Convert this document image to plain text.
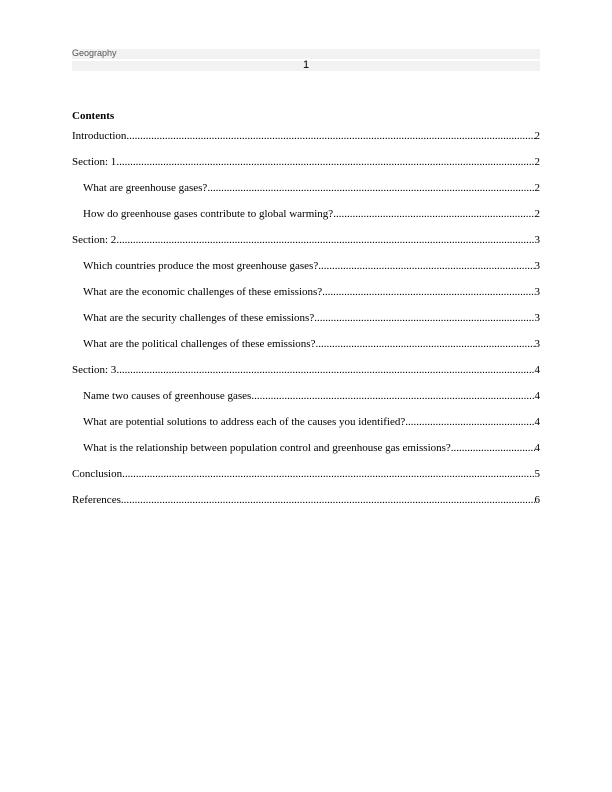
Geography
1
Contents
Introduction .....	2
Section: 1 .....	2
What are greenhouse gases? .....	2
How do greenhouse gases contribute to global warming? .....	2
Section: 2 .....	3
Which countries produce the most greenhouse gases? .....	3
What are the economic challenges of these emissions? .....	3
What are the security challenges of these emissions? .....	3
What are the political challenges of these emissions? .....	3
Section: 3 .....	4
Name two causes of greenhouse gases .....	4
What are potential solutions to address each of the causes you identified? .....	4
What is the relationship between population control and greenhouse gas emissions? .....	4
Conclusion .....	5
References .....	6
